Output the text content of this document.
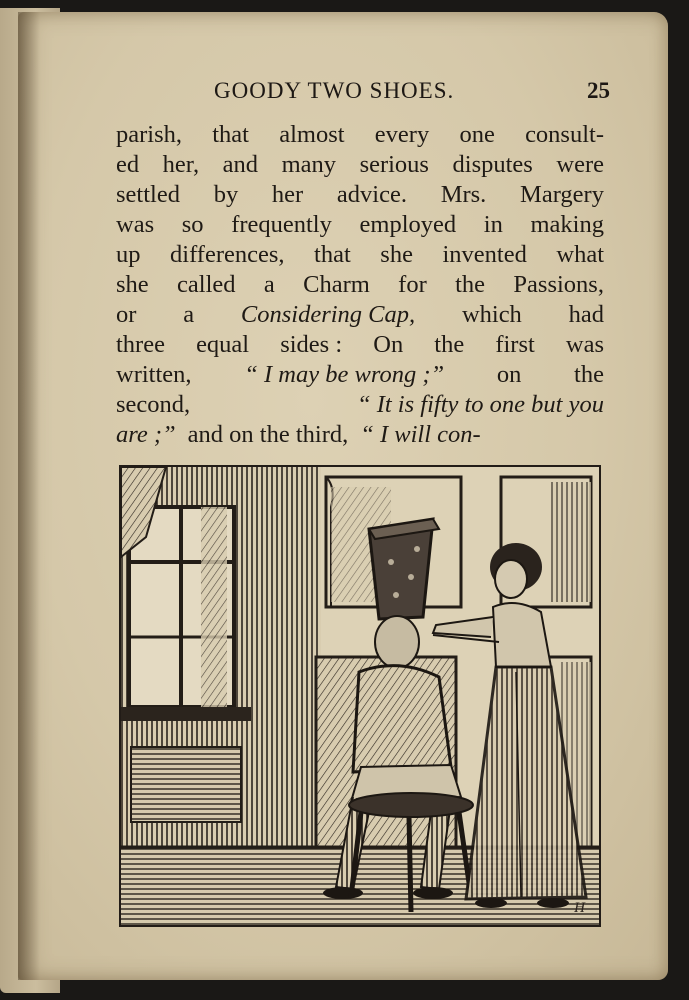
GOODY TWO SHOES.	25
parish, that almost every one consult-
ed her, and many serious disputes were
settled by her advice. Mrs. Margery
was so frequently employed in making
up differences, that she invented what
she called a Charm for the Passions,
or a Considering Cap, which had
three equal sides : On the first was
written, “ I may be wrong ;” on the
second,	“ It is fifty to one but you
are ;” and on the third, “ I will con-
H
